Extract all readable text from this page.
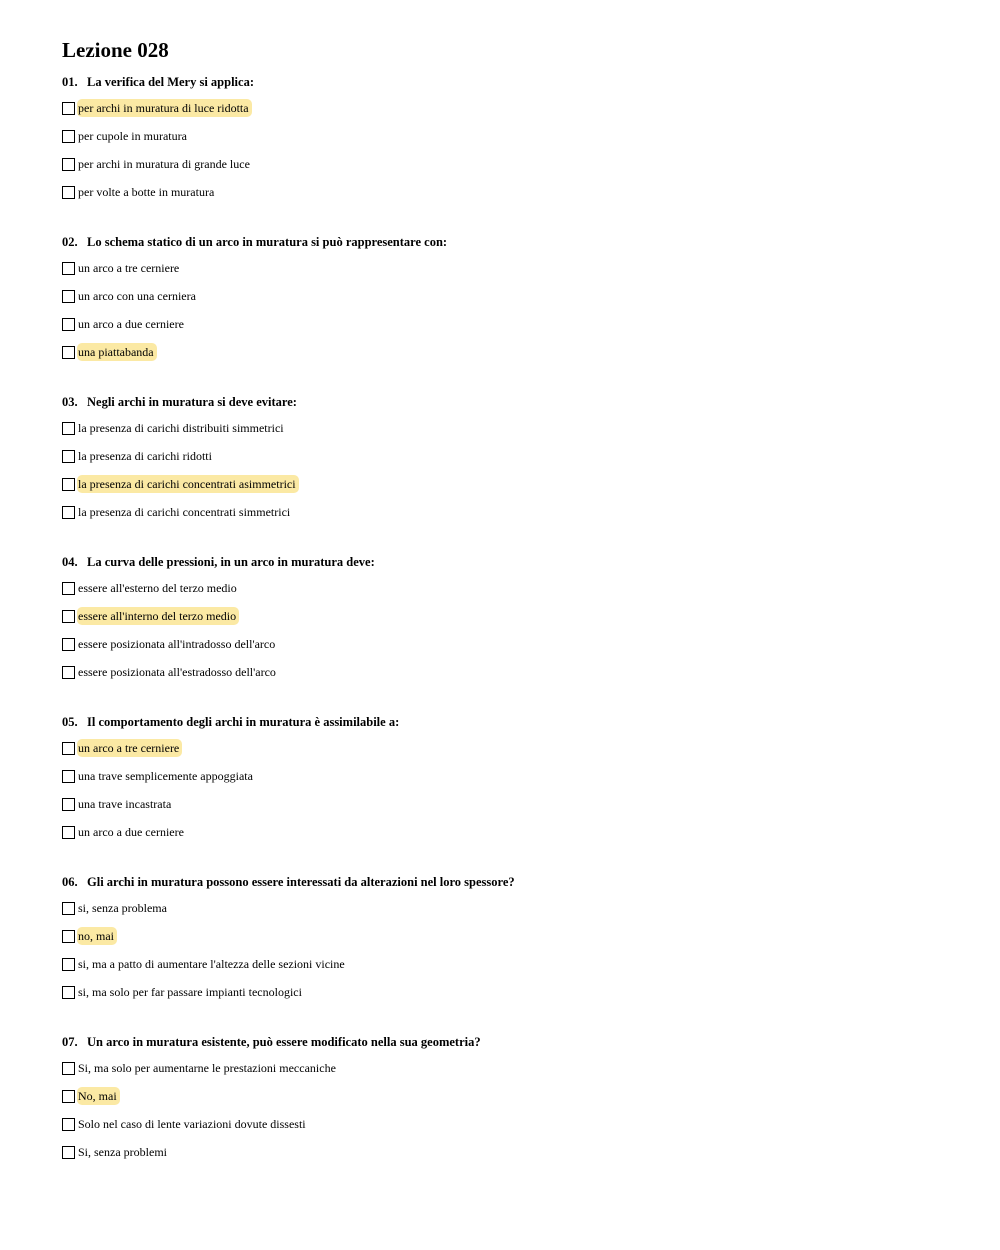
Lezione 028
01. La verifica del Mery si applica:
per archi in muratura di luce ridotta
per cupole in muratura
per archi in muratura di grande luce
per volte a botte in muratura
02. Lo schema statico di un arco in muratura si può rappresentare con:
un arco a tre cerniere
un arco con una cerniera
un arco a due cerniere
una piattabanda
03. Negli archi in muratura si deve evitare:
la presenza di carichi distribuiti simmetrici
la presenza di carichi ridotti
la presenza di carichi concentrati asimmetrici
la presenza di carichi concentrati simmetrici
04. La curva delle pressioni, in un arco in muratura deve:
essere all'esterno del terzo medio
essere all'interno del terzo medio
essere posizionata all'intradosso dell'arco
essere posizionata all'estradosso dell'arco
05. Il comportamento degli archi in muratura è assimilabile a:
un arco a tre cerniere
una trave semplicemente appoggiata
una trave incastrata
un arco a due cerniere
06. Gli archi in muratura possono essere interessati da alterazioni nel loro spessore?
si, senza problema
no, mai
si, ma a patto di aumentare l'altezza delle sezioni vicine
si, ma solo per far passare impianti tecnologici
07. Un arco in muratura esistente, può essere modificato nella sua geometria?
Si, ma solo per aumentarne le prestazioni meccaniche
No, mai
Solo nel caso di lente variazioni dovute dissesti
Si, senza problemi
